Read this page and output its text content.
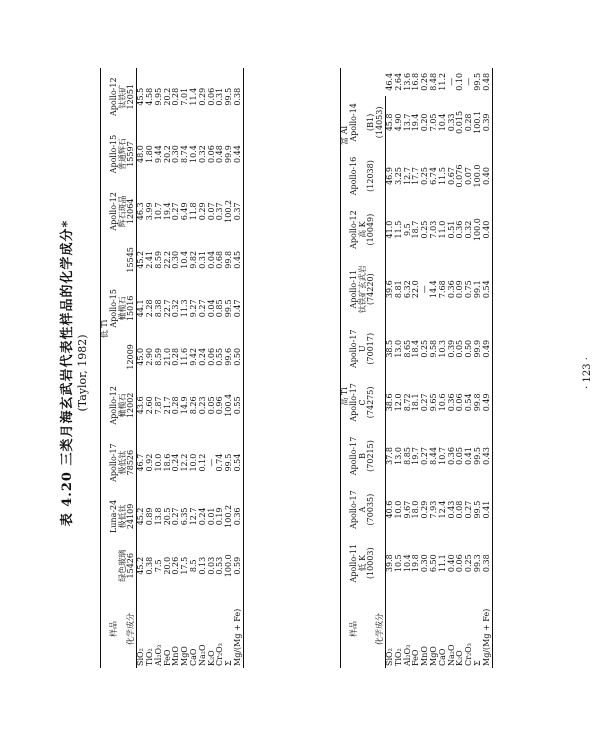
表 4.20 三类月海玄武岩代表性样品的化学成分* (Taylor, 1982)
	低 Ti									
样品		Luna-24	Apollo-17	Apollo-12		Apollo-15		Apollo-12	Apollo-15	Apollo-12
	绿色玻璃	极低钛	极低钛	橄榄石		橄榄石		辉石斑晶	普通辉石	钛铁矿
化学成分	15426	24109	78526	12002	12009	15016	15545	12064	15597	12051
SiO₂	45.2	45.2	46.7	43.6	45.0	44.1	45.2	46.3	48.0	45.5
TiO₂	0.38	0.89	0.92	2.60	2.90	2.28	2.41	3.99	1.80	4.58
Al₂O₃	7.5	13.8	10.0	7.87	8.59	8.38	8.59	10.7	9.44	9.95
FeO	20.0	20.5	18.6	21.7	21.0	22.7	22.2	19.4	20.2	20.2
MnO	0.26	0.27	0.24	0.28	0.28	0.32	0.30	0.27	0.30	0.28
MgO	17.5	6.35	12.2	14.9	11.6	11.3	10.4	6.49	8.74	7.01
CaO	8.5	12.7	10.0	8.26	9.42	9.27	9.82	11.8	10.4	11.4
Na₂O	0.13	0.24	0.12	0.23	0.24	0.27	0.31	0.29	0.32	0.29
K₂O	0.03	0.01	—	0.05	0.06	0.04	0.04	0.07	0.06	0.06
Cr₂O₃	0.53	0.19	0.74	0.96	0.55	0.85	0.68	0.37	0.48	0.31
Σ	100.0	100.2	99.5	100.4	99.6	99.5	99.8	100.2	99.9	99.5
Mg/(Mg + Fe)	0.59	0.36	0.54	0.55	0.50	0.47	0.45	0.37	0.44	0.38
	高 Ti							富 Al		
样品	Apollo-11	Apollo-17	Apollo-17	Apollo-17	Apollo-17	Apollo-11	Apollo-12	Apollo-16	Apollo-14	
	低 K	A	B	C	U	钛铁矿玄武岩	高 K			
	(10003)	(70035)	(70215)	(74275)	(70017)	(74220)	(10049)	(12038)	(B1)	
化学成分									(14053)	
SiO₂	39.8	40.6	37.8	38.6	38.5	39.6	41.0	46.9	45.8	46.4
TiO₂	10.5	10.0	13.0	12.0	13.0	8.81	11.5	3.25	4.90	2.64
Al₂O₃	10.4	9.67	8.85	8.72	8.65	6.32	9.5	12.7	13.7	13.6
FeO	19.8	18.0	19.7	18.1	18.4	22.0	18.7	17.7	19.4	16.8
MnO	0.30	0.29	0.27	0.27	0.25	—	0.25	0.25	0.20	0.26
MgO	6.50	7.93	8.44	9.65	9.58	14.4	7.03	6.74	7.05	8.48
CaO	11.1	12.4	10.7	10.6	10.3	7.68	11.0	11.5	10.4	11.2
Na₂O	0.40	0.43	0.36	0.36	0.39	0.36	0.51	0.67	0.33	—
K₂O	0.06	0.08	0.05	0.06	0.05	0.09	0.36	0.076	0.015	0.10
Cr₂O₃	0.25	0.27	0.41	0.54	0.50	0.75	0.32	0.07	0.28	—
Σ	99.3	99.5	99.5	99.8	99.9	99.1	100.0	100.0	100.1	99.5
Mg/(Mg + Fe)	0.38	0.41	0.43	0.49	0.49	0.54	0.40	0.40	0.39	0.48
· 123 ·
